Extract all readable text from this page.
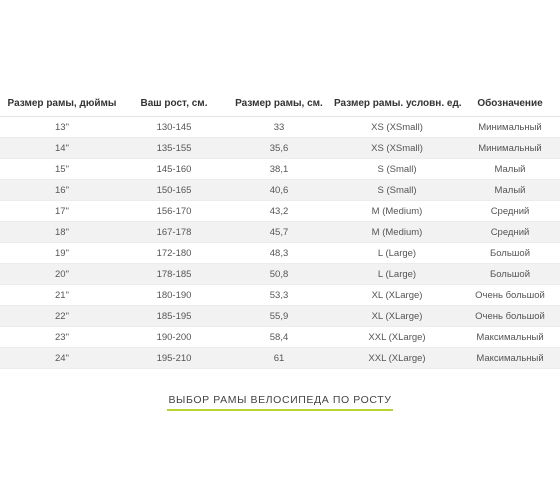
Размер рамы, дюймы	Ваш рост, см.	Размер рамы, см.	Размер рамы. условн. ед.	Обозначение
13"	130-145	33	XS (XSmall)	Минимальный
14"	135-155	35,6	XS (XSmall)	Минимальный
15"	145-160	38,1	S (Small)	Малый
16"	150-165	40,6	S (Small)	Малый
17"	156-170	43,2	M (Medium)	Средний
18"	167-178	45,7	M (Medium)	Средний
19"	172-180	48,3	L (Large)	Большой
20"	178-185	50,8	L (Large)	Большой
21"	180-190	53,3	XL (XLarge)	Очень большой
22"	185-195	55,9	XL (XLarge)	Очень большой
23"	190-200	58,4	XXL (XLarge)	Максимальный
24"	195-210	61	XXL (XLarge)	Максимальный
ВЫБОР РАМЫ ВЕЛОСИПЕДА ПО РОСТУ
